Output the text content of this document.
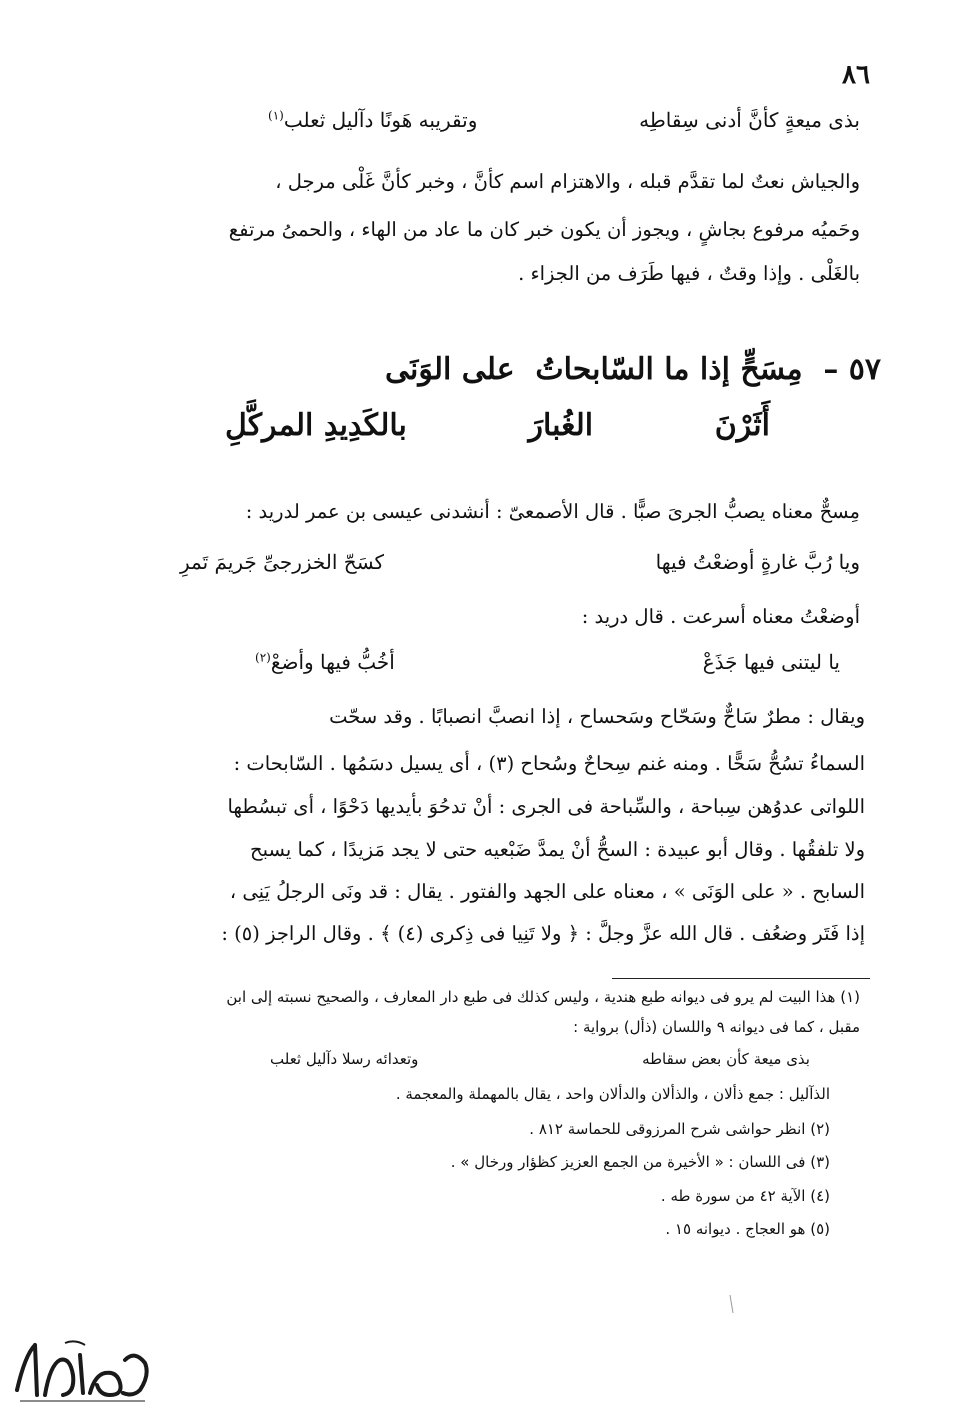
٨٦
بذى ميعةٍ كأنَّ أدنى سِقاطِه
وتقريبه هَونًا دآليل ثعلب$^{(١)}$
والجياش نعتٌ لما تقدَّم قبله ، والاهتزام اسم كأنَّ ، وخبر كأنَّ غَلْى مرجل ،
وحَميُه مرفوع بجاشٍ ، ويجوز أن يكون خبر كان ما عاد من الهاء ، والحمىُ مرتفع
بالغَلْى . وإذا وقتٌ ، فيها طَرَف من الجزاء .
٥٧ –
مِسَحٍّ إذا ما السّابحاتُ
على الوَنَى
أَثَرْنَ
الغُبارَ
بالكَدِيدِ المركَّلِ
مِسحٌّ معناه يصبُّ الجرىَ صبًّا . قال الأصمعىّ : أنشدنى عيسى بن عمر لدريد :
ويا رُبَّ غارةٍ أوضعْتُ فيها
كسَحّ الخزرجىِّ جَريمَ تَمرِ
أوضعْتُ معناه أسرعت . قال دريد :
يا ليتنى فيها جَذَعْ
أخُبُّ فيها وأضعْ$^{(٢)}$
ويقال : مطرٌ سَاحٌّ وسَحّاح وسَحساح ، إذا انصبَّ انصبابًا . وقد سحّت
السماءُ تسُحُّ سَحًّا . ومنه غنم سِحاحٌ وسُحاح (٣) ، أى يسيل دسَمُها . السّابحات :
اللواتى عدوُهن سِباحة ، والسِّباحة فى الجرى : أنْ تدحُوَ بأيديها دَحْوًا ، أى تبسُطها
ولا تلفقُها . وقال أبو عبيدة : السحُّ أنْ يمدَّ ضَبْعيه حتى لا يجد مَزيدًا ، كما يسبح
السابح . « على الوَنَى » ، معناه على الجهد والفتور . يقال : قد ونَى الرجلُ يَنِى ،
إذا فَتَر وضعُف . قال الله عزَّ وجلَّ : ﴿ ولا تَنِيا فى ذِكرى (٤) ﴾ . وقال الراجز (٥) :
(١) هذا البيت لم يرو فى ديوانه طبع هندية ، وليس كذلك فى طبع دار المعارف ، والصحيح نسبته إلى ابن
مقبل ، كما فى ديوانه ٩ واللسان (ذأل) برواية :
بذى ميعة كأن بعض سقاطه
وتعدائه رسلا دآليل ثعلب
الذآليل : جمع ذألان ، والذألان والدألان واحد ، يقال بالمهملة والمعجمة .
(٢) انظر حواشى شرح المرزوقى للحماسة ٨١٢ .
(٣) فى اللسان : « الأخيرة من الجمع العزيز كظؤار ورخال » .
(٤) الآية ٤٢ من سورة طه .
(٥) هو العجاج . ديوانه ١٥ .
